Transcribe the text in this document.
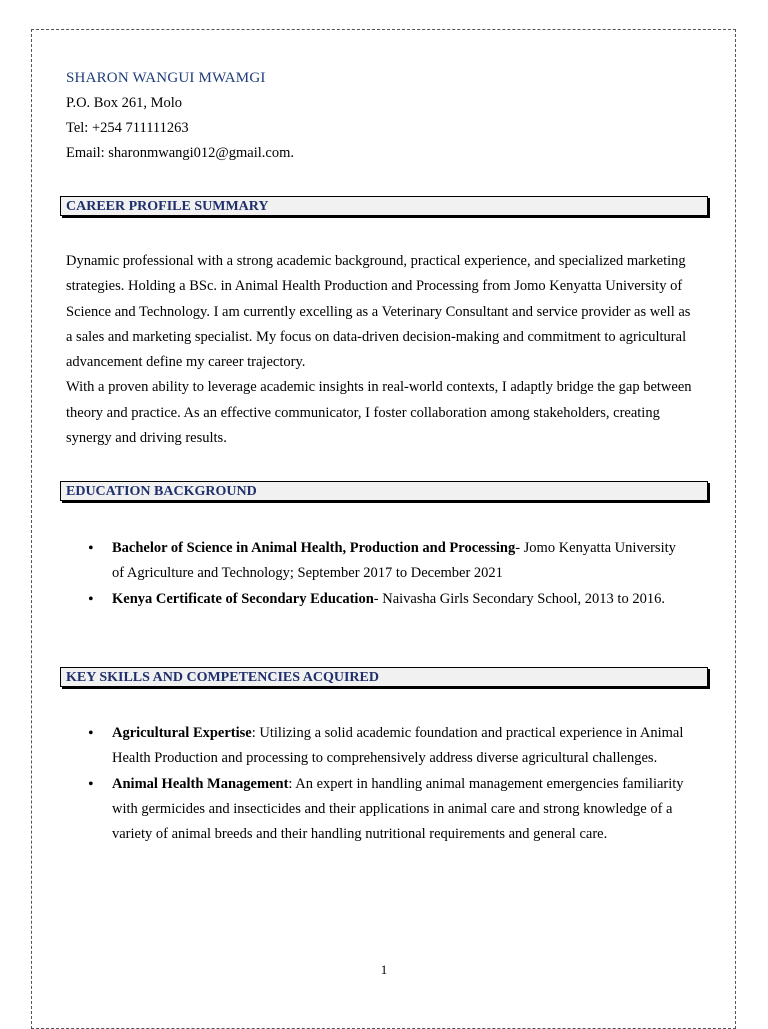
SHARON WANGUI MWAMGI

P.O. Box 261, Molo

Tel: +254 711111263

Email: sharonmwangi012@gmail.com.

CAREER PROFILE SUMMARY

Dynamic professional with a strong academic background, practical experience, and specialized marketing strategies. Holding a BSc. in Animal Health Production and Processing from Jomo Kenyatta University of Science and Technology. I am currently excelling as a Veterinary Consultant and service provider as well as a sales and marketing specialist. My focus on data-driven decision-making and commitment to agricultural advancement define my career trajectory.

With a proven ability to leverage academic insights in real-world contexts, I adaptly bridge the gap between theory and practice. As an effective communicator, I foster collaboration among stakeholders, creating synergy and driving results.

EDUCATION BACKGROUND
• Bachelor of Science in Animal Health, Production and Processing- Jomo Kenyatta University of Agriculture and Technology; September 2017 to December 2021
• Kenya Certificate of Secondary Education- Naivasha Girls Secondary School, 2013 to 2016.
KEY SKILLS AND COMPETENCIES ACQUIRED
• Agricultural Expertise: Utilizing a solid academic foundation and practical experience in Animal Health Production and processing to comprehensively address diverse agricultural challenges.
• Animal Health Management: An expert in handling animal management emergencies familiarity with germicides and insecticides and their applications in animal care and strong knowledge of a variety of animal breeds and their handling nutritional requirements and general care.
1
